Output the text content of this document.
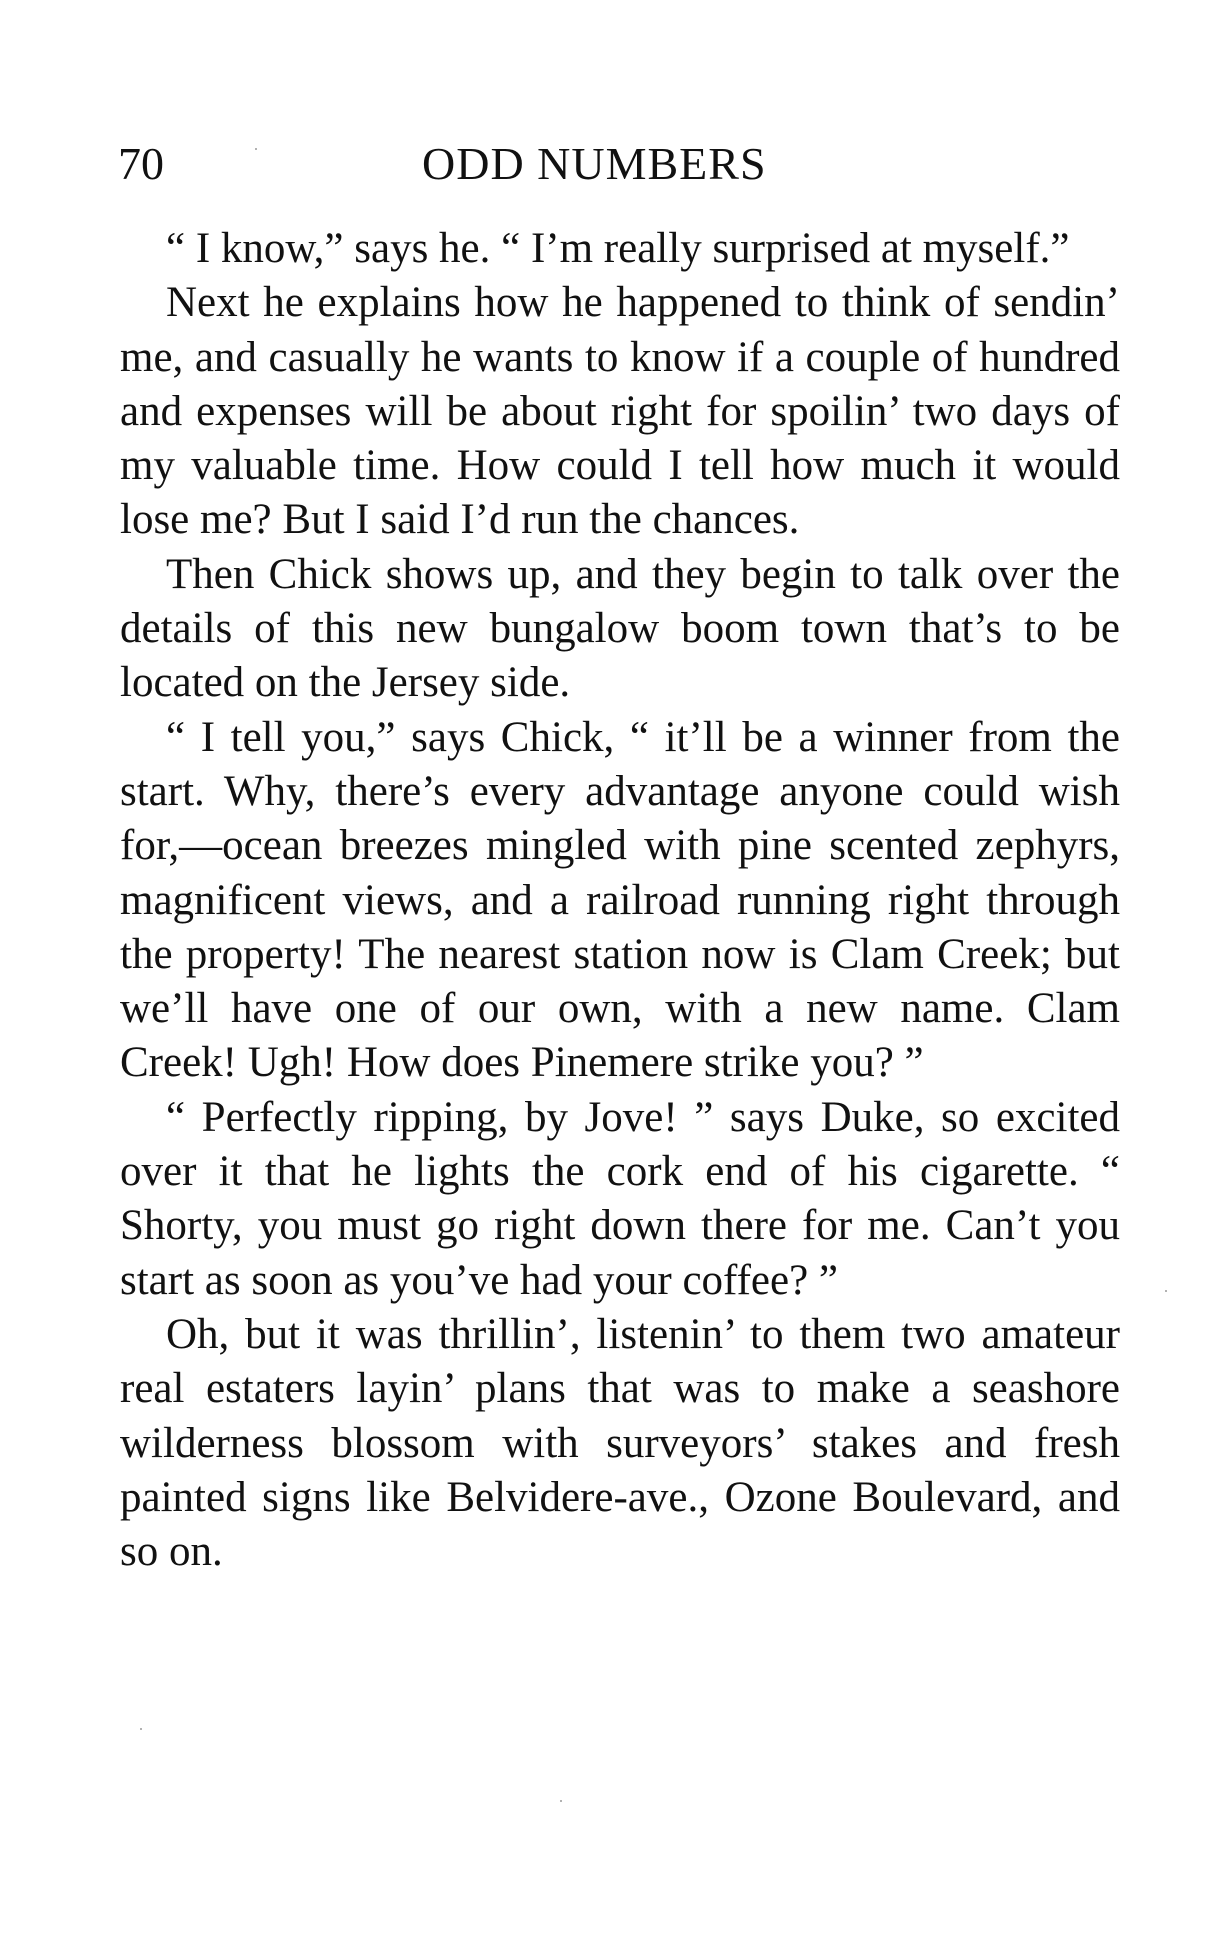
70	ODD NUMBERS

“ I know,” says he. “ I’m really surprised at myself.”

Next he explains how he happened to think of sendin’ me, and casually he wants to know if a couple of hundred and expenses will be about right for spoilin’ two days of my valuable time. How could I tell how much it would lose me? But I said I’d run the chances.

Then Chick shows up, and they begin to talk over the details of this new bungalow boom town that’s to be located on the Jersey side.

“ I tell you,” says Chick, “ it’ll be a winner from the start. Why, there’s every advantage anyone could wish for,—ocean breezes mingled with pine scented zephyrs, magnificent views, and a railroad running right through the property! The nearest station now is Clam Creek; but we’ll have one of our own, with a new name. Clam Creek! Ugh! How does Pinemere strike you? ”

“ Perfectly ripping, by Jove! ” says Duke, so excited over it that he lights the cork end of his cigarette. “ Shorty, you must go right down there for me. Can’t you start as soon as you’ve had your coffee? ”

Oh, but it was thrillin’, listenin’ to them two amateur real estaters layin’ plans that was to make a seashore wilderness blossom with surveyors’ stakes and fresh painted signs like Belvidere-ave., Ozone Boulevard, and so on.
